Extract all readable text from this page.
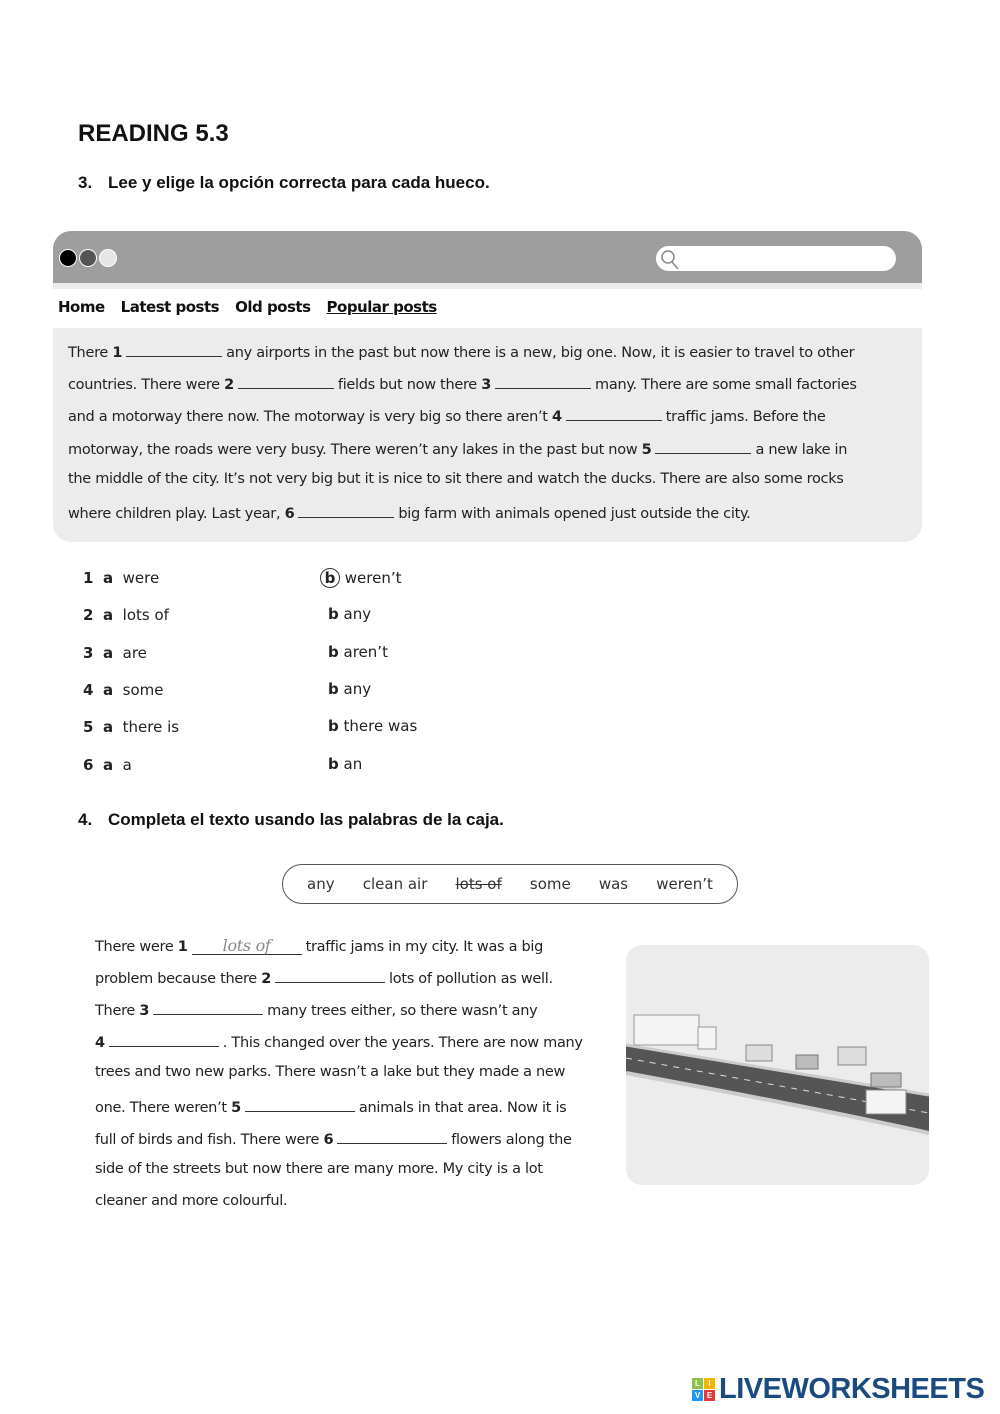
READING 5.3
3. Lee y elige la opción correcta para cada hueco.
Home Latest posts Old posts Popular posts
There 1	any airports in the past but now there is a new, big one. Now, it is easier to travel to other
countries. There were 2	fields but now there 3	many. There are some small factories
and a motorway there now. The motorway is very big so there aren’t 4	traffic jams. Before the
motorway, the roads were very busy. There weren’t any lakes in the past but now 5	a new lake in
the middle of the city. It’s not very big but it is nice to sit there and watch the ducks. There are also some rocks
where children play. Last year, 6	big farm with animals opened just outside the city.
1 a were	b weren’t
2 a lots of	b any
3 a are	b aren’t
4 a some	b any
5 a there is	b there was
6 a a	b an
4. Completa el texto usando las palabras de la caja.
any clean air lots of some was weren’t
There were 1 lots of traffic jams in my city. It was a big
problem because there 2	lots of pollution as well.
There 3	many trees either, so there wasn’t any
4	. This changed over the years. There are now many
trees and two new parks. There wasn’t a lake but they made a new
one. There weren’t 5	animals in that area. Now it is
full of birds and fish. There were 6	flowers along the
side of the streets but now there are many more. My city is a lot
cleaner and more colourful.
L	I
V E LIVEWORKSHEETS
